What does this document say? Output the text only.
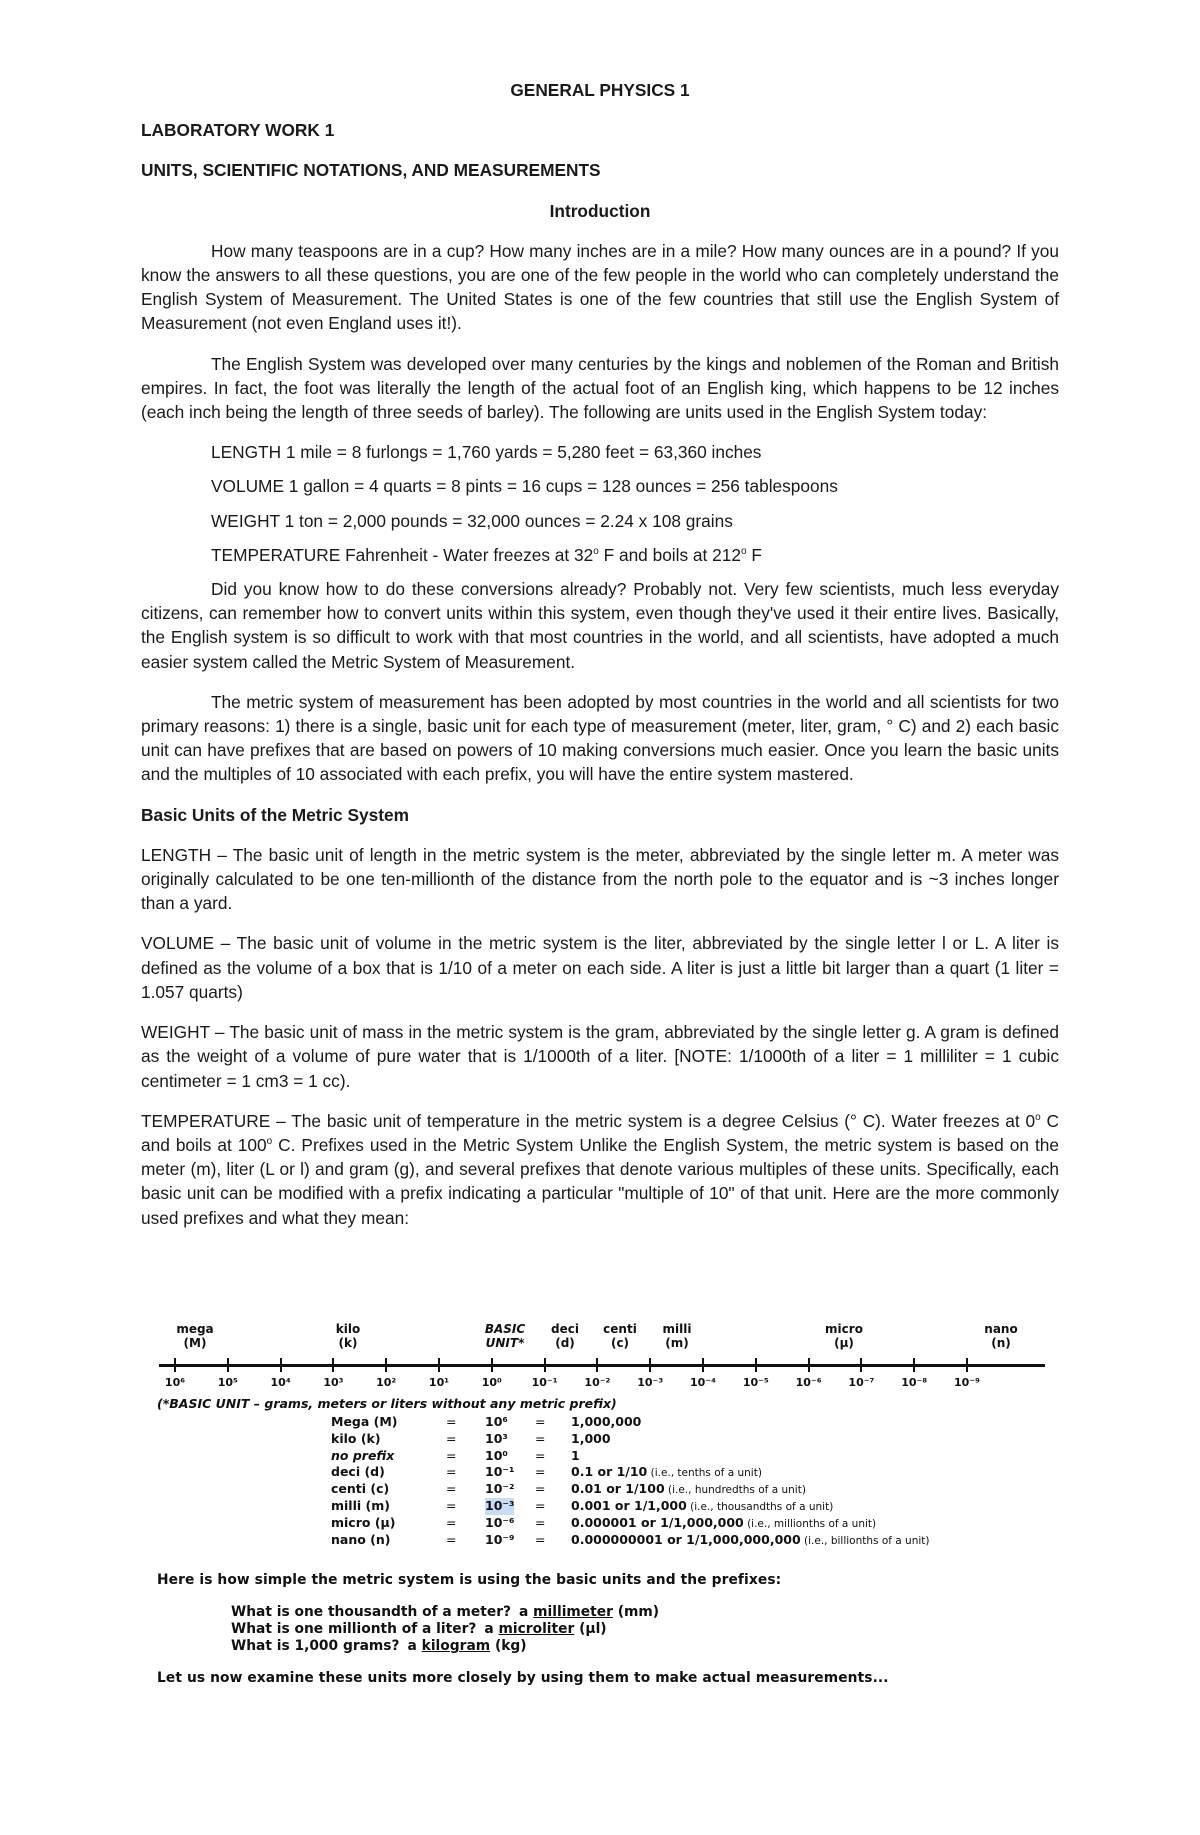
GENERAL PHYSICS 1

LABORATORY WORK 1

UNITS, SCIENTIFIC NOTATIONS, AND MEASUREMENTS

Introduction

How many teaspoons are in a cup? How many inches are in a mile? How many ounces are in a pound? If you know the answers to all these questions, you are one of the few people in the world who can completely understand the English System of Measurement. The United States is one of the few countries that still use the English System of Measurement (not even England uses it!).

The English System was developed over many centuries by the kings and noblemen of the Roman and British empires. In fact, the foot was literally the length of the actual foot of an English king, which happens to be 12 inches (each inch being the length of three seeds of barley). The following are units used in the English System today:

LENGTH 1 mile = 8 furlongs = 1,760 yards = 5,280 feet = 63,360 inches

VOLUME 1 gallon = 4 quarts = 8 pints = 16 cups = 128 ounces = 256 tablespoons

WEIGHT 1 ton = 2,000 pounds = 32,000 ounces = 2.24 x 108 grains

TEMPERATURE Fahrenheit - Water freezes at 32$^o$ F and boils at 212$^o$ F

Did you know how to do these conversions already? Probably not. Very few scientists, much less everyday citizens, can remember how to convert units within this system, even though they've used it their entire lives. Basically, the English system is so difficult to work with that most countries in the world, and all scientists, have adopted a much easier system called the Metric System of Measurement.

The metric system of measurement has been adopted by most countries in the world and all scientists for two primary reasons: 1) there is a single, basic unit for each type of measurement (meter, liter, gram, ° C) and 2) each basic unit can have prefixes that are based on powers of 10 making conversions much easier. Once you learn the basic units and the multiples of 10 associated with each prefix, you will have the entire system mastered.

Basic Units of the Metric System

LENGTH – The basic unit of length in the metric system is the meter, abbreviated by the single letter m. A meter was originally calculated to be one ten-millionth of the distance from the north pole to the equator and is ~3 inches longer than a yard.

VOLUME – The basic unit of volume in the metric system is the liter, abbreviated by the single letter l or L. A liter is defined as the volume of a box that is 1/10 of a meter on each side. A liter is just a little bit larger than a quart (1 liter = 1.057 quarts)

WEIGHT – The basic unit of mass in the metric system is the gram, abbreviated by the single letter g. A gram is defined as the weight of a volume of pure water that is 1/1000th of a liter. [NOTE: 1/1000th of a liter = 1 milliliter = 1 cubic centimeter = 1 cm3 = 1 cc).

TEMPERATURE – The basic unit of temperature in the metric system is a degree Celsius (° C). Water freezes at 0$^o$ C and boils at 100$^o$ C. Prefixes used in the Metric System Unlike the English System, the metric system is based on the meter (m), liter (L or l) and gram (g), and several prefixes that denote various multiples of these units. Specifically, each basic unit can be modified with a prefix indicating a particular "multiple of 10" of that unit. Here are the more commonly used prefixes and what they mean:

mega
(M)
kilo
(k)
BASIC
UNIT*
deci
(d)
centi
(c)
milli
(m)
micro
(µ)
nano
(n)
10⁶	10⁵	10⁴	10³	10²	10¹	10⁰	10⁻¹ 10⁻² 10⁻³ 10⁻⁴ 10⁻⁵ 10⁻⁶ 10⁻⁷ 10⁻⁸ 10⁻⁹
(*BASIC UNIT – grams, meters or liters without any metric prefix)
Mega (M)	= 10⁶ = 1,000,000
kilo (k)	= 10³ = 1,000
no prefix	= 10⁰ = 1
deci (d)	= 10⁻¹ = 0.1 or 1/10 (i.e., tenths of a unit)
centi (c)	= 10⁻² = 0.01 or 1/100 (i.e., hundredths of a unit)
milli (m)	= 10⁻³ = 0.001 or 1/1,000 (i.e., thousandths of a unit)
micro (µ)	= 10⁻⁶ = 0.000001 or 1/1,000,000 (i.e., millionths of a unit)
nano (n)	= 10⁻⁹ = 0.000000001 or 1/1,000,000,000 (i.e., billionths of a unit)
Here is how simple the metric system is using the basic units and the prefixes:
What is one thousandth of a meter? a millimeter (mm)
What is one millionth of a liter? a microliter (µl)
What is 1,000 grams? a kilogram (kg)
Let us now examine these units more closely by using them to make actual measurements...
